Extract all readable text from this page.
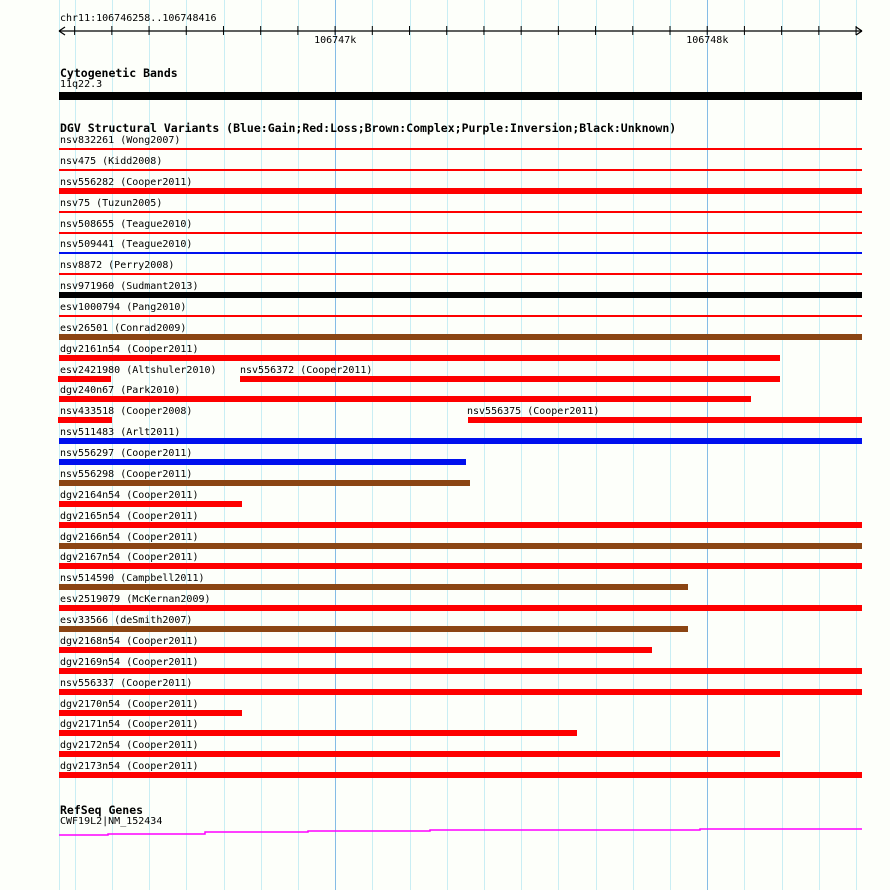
chr11:106746258..106748416
106747k	106748k
Cytogenetic Bands
11q22.3
DGV Structural Variants (Blue:Gain;Red:Loss;Brown:Complex;Purple:Inversion;Black:Unknown)
nsv832261 (Wong2007)
nsv475 (Kidd2008)
nsv556282 (Cooper2011)
nsv75 (Tuzun2005)
nsv508655 (Teague2010)
nsv509441 (Teague2010)
nsv8872 (Perry2008)
nsv971960 (Sudmant2013)
esv1000794 (Pang2010)
esv26501 (Conrad2009)
dgv2161n54 (Cooper2011)
esv2421980 (Altshuler2010) nsv556372 (Cooper2011)
dgv240n67 (Park2010)
nsv433518 (Cooper2008)	nsv556375 (Cooper2011)
nsv511483 (Arlt2011)
nsv556297 (Cooper2011)
nsv556298 (Cooper2011)
dgv2164n54 (Cooper2011)
dgv2165n54 (Cooper2011)
dgv2166n54 (Cooper2011)
dgv2167n54 (Cooper2011)
nsv514590 (Campbell2011)
esv2519079 (McKernan2009)
esv33566 (deSmith2007)
dgv2168n54 (Cooper2011)
dgv2169n54 (Cooper2011)
nsv556337 (Cooper2011)
dgv2170n54 (Cooper2011)
dgv2171n54 (Cooper2011)
dgv2172n54 (Cooper2011)
dgv2173n54 (Cooper2011)
RefSeq Genes
CWF19L2|NM_152434
